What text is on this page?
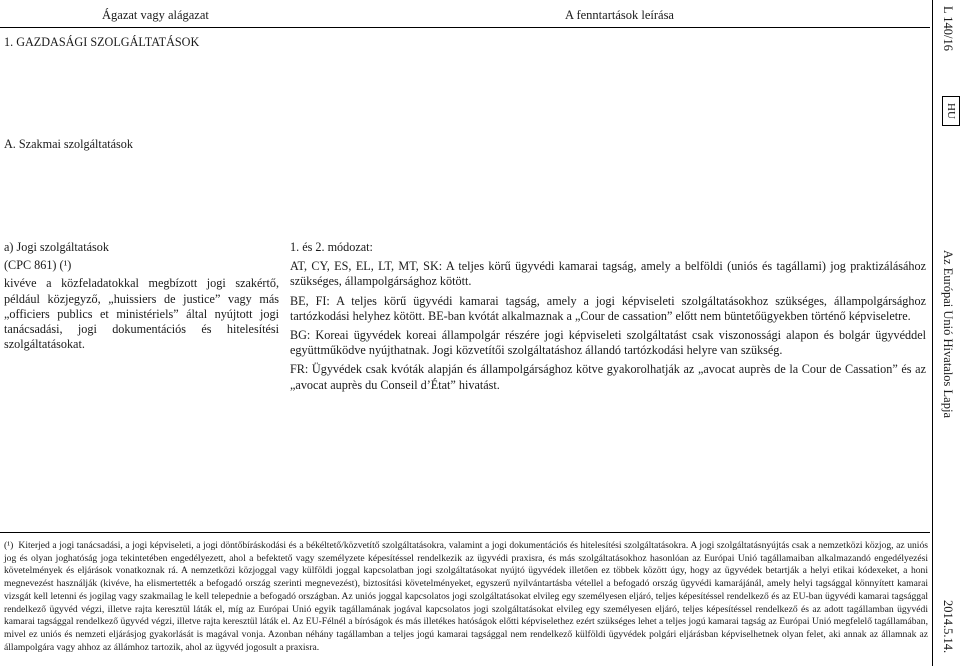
Ágazat vagy alágazat	A fenntartások leírása
1. GAZDASÁGI SZOLGÁLTATÁSOK
A. Szakmai szolgáltatások

a) Jogi szolgáltatások

(CPC 861) (¹)

kivéve a közfeladatokkal megbízott jogi szakértő, például közjegyző, „huissiers de justice” vagy más „officiers publics et ministériels” által nyújtott jogi tanácsadási, jogi dokumentációs és hitelesítési szolgáltatásokat.

1. és 2. módozat:

AT, CY, ES, EL, LT, MT, SK: A teljes körű ügyvédi kamarai tagság, amely a belföldi (uniós és tagállami) jog praktizálásához szükséges, állampolgársághoz kötött.

BE, FI: A teljes körű ügyvédi kamarai tagság, amely a jogi képviseleti szolgáltatásokhoz szükséges, állampolgársághoz tartózkodási helyhez kötött. BE-ban kvótát alkalmaznak a „Cour de cassation” előtt nem büntetőügyekben történő képviseletre.

BG: Koreai ügyvédek koreai állampolgár részére jogi képviseleti szolgáltatást csak viszonossági alapon és bolgár ügyvéddel együttműködve nyújthatnak. Jogi közvetítői szolgáltatáshoz állandó tartózkodási helyre van szükség.

FR: Ügyvédek csak kvóták alapján és állampolgársághoz kötve gyakorolhatják az „avocat auprès de la Cour de Cassation” és az „avocat auprès du Conseil d’État” hivatást.

(¹) Kiterjed a jogi tanácsadási, a jogi képviseleti, a jogi döntőbíráskodási és a békéltető/közvetítő szolgáltatásokra, valamint a jogi dokumentációs és hitelesítési szolgáltatásokra. A jogi szolgáltatásnyújtás csak a nemzetközi közjog, az uniós jog és olyan joghatóság joga tekintetében engedélyezett, ahol a befektető vagy személyzete képesítéssel rendelkezik az ügyvédi praxisra, és más szolgáltatásokhoz hasonlóan az Európai Unió tagállamaiban alkalmazandó engedélyezési követelmények és eljárások vonatkoznak rá. A nemzetközi közjoggal vagy külföldi joggal kapcsolatban jogi szolgáltatásokat nyújtó ügyvédek illetően ez többek között úgy, hogy az ügyvédek betartják a helyi etikai kódexeket, a honi megnevezést használják (kivéve, ha elismertették a befogadó ország szerinti megnevezést), biztosítási követelményeket, egyszerű nyilvántartásba vétellel a befogadó ország ügyvédi kamarájánál, amely helyi tagsággal könnyített kamarai vizsgát kell letenni és jogilag vagy szakmailag le kell telepednie a befogadó országban. Az uniós joggal kapcsolatos jogi szolgáltatásokat elvileg egy személyesen eljáró, teljes képesítéssel rendelkező és az EU-ban ügyvédi kamarai tagsággal rendelkező ügyvéd végzi, illetve rajta keresztül láták el, míg az Európai Unió egyik tagállamának jogával kapcsolatos jogi szolgáltatásokat elvileg egy személyesen eljáró, teljes képesítéssel rendelkező és az adott tagállamban ügyvédi kamarai tagsággal rendelkező ügyvéd végzi, illetve rajta keresztül láták el. Az EU-Félnél a bíróságok és más illetékes hatóságok előtti képviselethez ezért szükséges lehet a teljes jogú kamarai tagság az Európai Unió megfelelő tagállamában, mivel ez uniós és nemzeti eljárásjog gyakorlását is magával vonja. Azonban néhány tagállamban a teljes jogú kamarai tagsággal nem rendelkező külföldi ügyvédek polgári eljárásban képviselhetnek olyan felet, aki annak az államnak az állampolgára vagy ahhoz az állámhoz tartozik, ahol az ügyvéd jogosult a praxisra.

L 140/16
HU
Az Európai Unió Hivatalos Lapja
2014.5.14.
